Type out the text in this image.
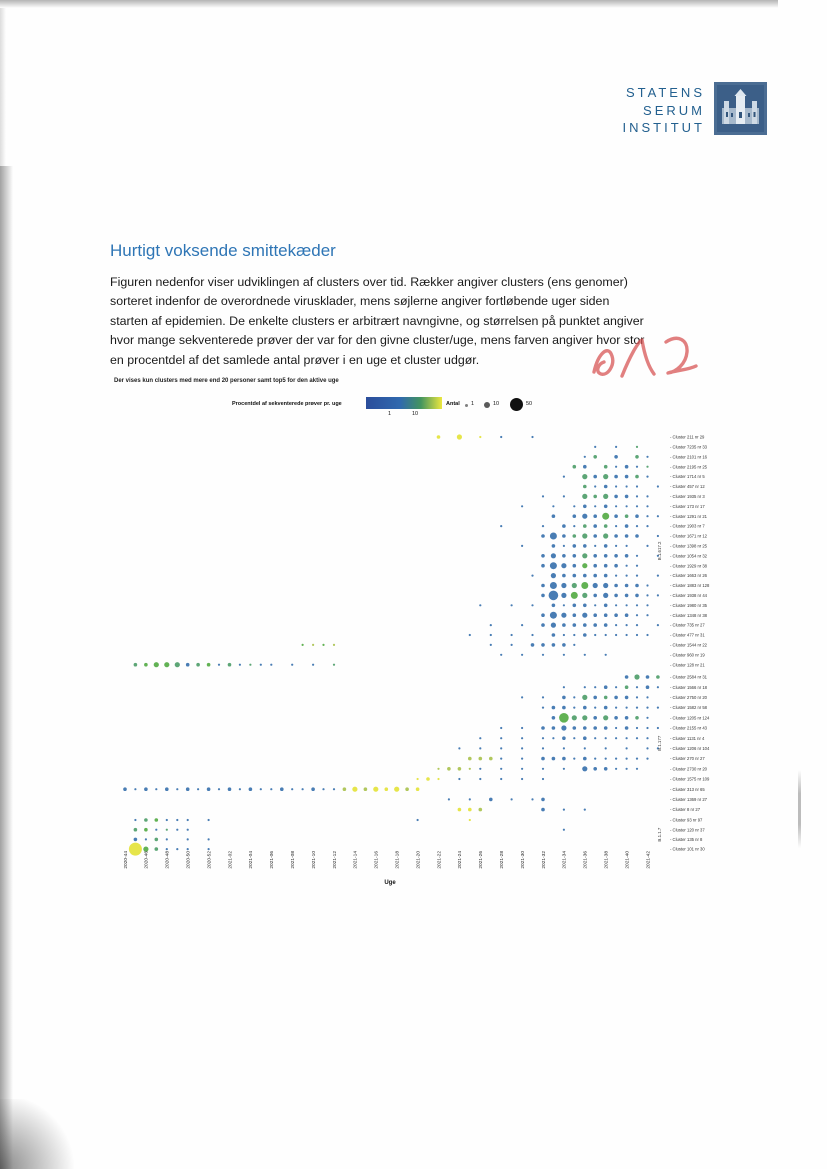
STATENS
SERUM
INSTITUT
Hurtigt voksende smittekæder
Figuren nedenfor viser udviklingen af clusters over tid. Rækker angiver clusters (ens genomer)
sorteret indenfor de overordnede virusklader, mens søjlerne angiver fortløbende uger siden
starten af epidemien. De enkelte clusters er arbitrært navngivne, og størrelsen på punktet angiver
hvor mange sekventerede prøver der var for den givne cluster/uge, mens farven angiver hvor stor
en procentdel af det samlede antal prøver i en uge et cluster udgør.
Der vises kun clusters med mere end 20 personer samt top5 for den aktive uge
Procentdel af sekventerede prøver pr. uge
1	10
Antal 1	10	50
- Cluster 211 nr 29
- Cluster 7235 nr 33
- Cluster 2101 nr 16
- Cluster 2195 nr 25
- Cluster 1714 nr 5
- Cluster 457 nr 12
- Cluster 1935 nr 3
- Cluster 173 nr 17
- Cluster 1291 nr 21
- Cluster 1903 nr 7
- Cluster 1671 nr 12
- Cluster 1398 nr 25
- Cluster 1054 nr 32
- Cluster 1929 nr 38
- Cluster 1663 nr 26
- Cluster 1883 nr 128
- Cluster 1938 nr 44
- Cluster 1980 nr 35
- Cluster 1348 nr 38
- Cluster 735 nr 27
- Cluster 477 nr 31
- Cluster 1544 nr 22
- Cluster 960 nr 19
- Cluster 128 nr 21
B.1.617.2
- Cluster 2584 nr 31
- Cluster 1566 nr 18
- Cluster 2750 nr 20
- Cluster 1582 nr 58
- Cluster 1205 nr 124
- Cluster 2155 nr 43
- Cluster 1131 nr 4
- Cluster 1206 nr 104
- Cluster 270 nr 27
- Cluster 2730 nr 20
- Cluster 1575 nr 109
- Cluster 313 nr 65
- Cluster 1369 nr 27
- Cluster 8 nr 27
B.1.177
- Cluster 93 nr 97
- Cluster 120 nr 37
- Cluster 135 nr 8
- Cluster 101 nr 30
B.1.1.7
2020-44	2020-46	2020-48	2020-50	2020-52	2021-02	2021-04	2021-06	2021-08	2021-10	2021-12	2021-14	2021-16	2021-18	2021-20	2021-22	2021-24	2021-26	2021-28	2021-30	2021-32	2021-34	2021-36	2021-38	2021-40	2021-42
Uge
